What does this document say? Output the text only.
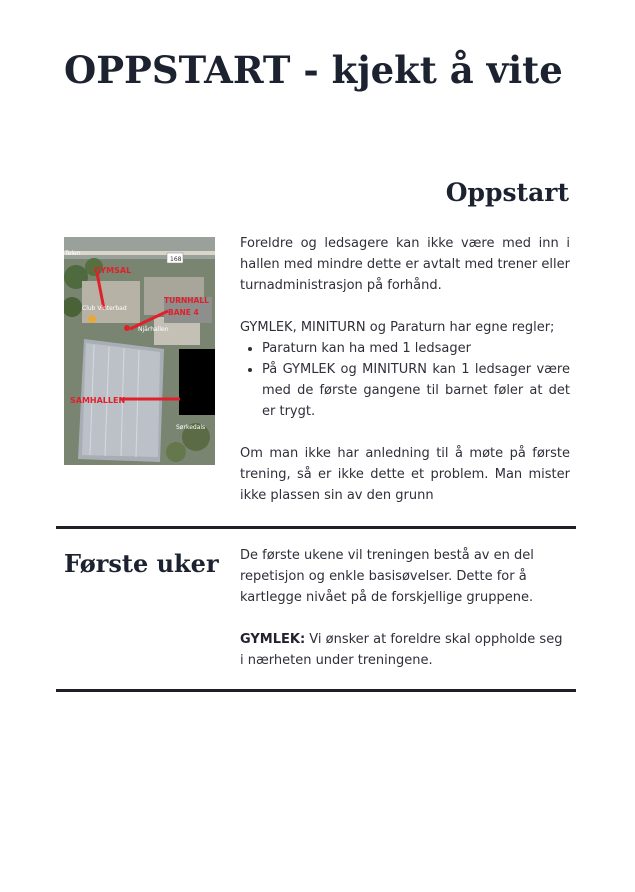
OPPSTART - kjekt å vite
Oppstart
168
Telen
GYMSAL
TURNHALL
BANE 4
SAMHALLEN
Club Vinterbad
Njårhallen
Sørkedals

Foreldre og ledsagere kan ikke være med inn i hallen med mindre dette er avtalt med trener eller turnadministrasjon på forhånd.

GYMLEK, MINITURN og Paraturn har egne regler;

• Paraturn kan ha med 1 ledsager
• På GYMLEK og MINITURN kan 1 ledsager være med de første gangene til barnet føler at det er trygt.

Om man ikke har anledning til å møte på første trening, så er ikke dette et problem. Man mister ikke plassen sin av den grunn

Første uker De første ukene vil treningen bestå av en del repetisjon og enkle basisøvelser. Dette for å kartlegge nivået på de forskjellige gruppene.

GYMLEK: Vi ønsker at foreldre skal oppholde seg i nærheten under treningene.
